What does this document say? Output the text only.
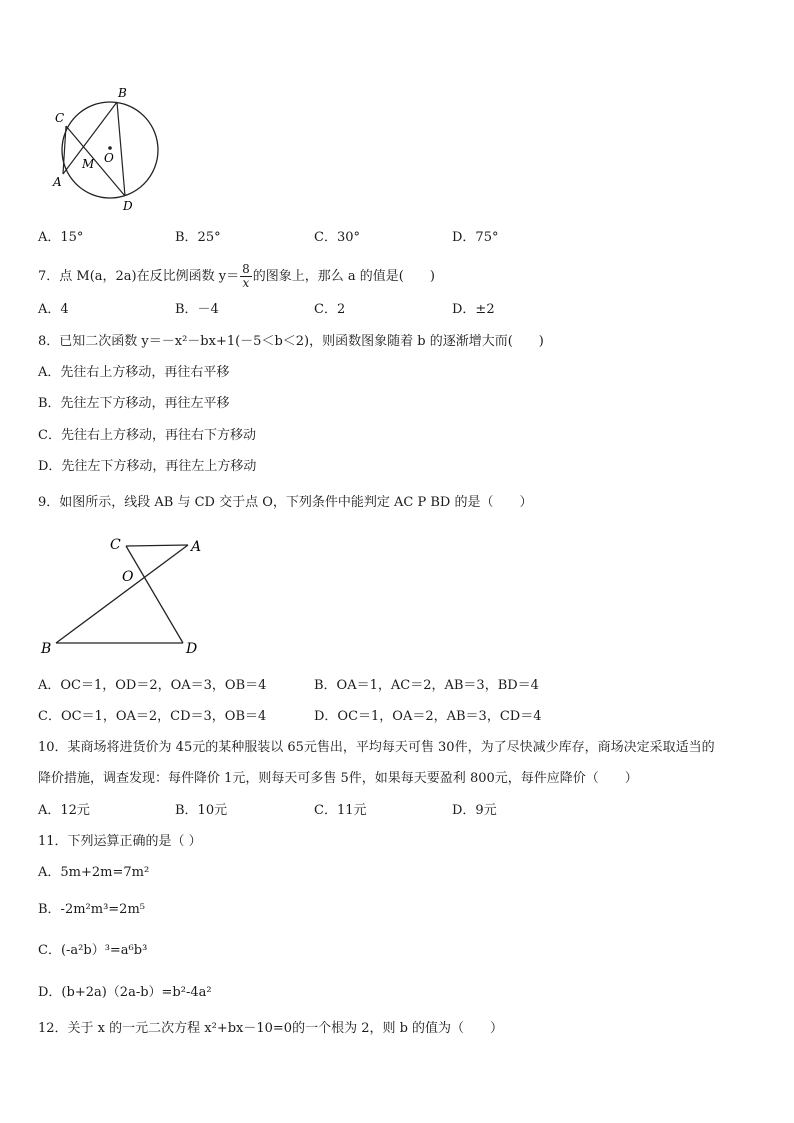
B
C
M O
A
D
A．15°	B．25°	C．30°	D．75°
7．点 M(a，2a)在反比例函数 $y= \frac{8}{x}$ 的图象上，那么 a 的值是(　　)
A．4	B．－4	C．2	D．±2
8．已知二次函数 y＝－x²－bx+1(－5＜b＜2)，则函数图象随着 b 的逐渐增大而(　　)
A．先往右上方移动，再往右平移
B．先往左下方移动，再往左平移
C．先往右上方移动，再往右下方移动
D．先往左下方移动，再往左上方移动
9．如图所示，线段 AB 与 CD 交于点 O，下列条件中能判定 AC P BD 的是（　　）
C	A
O
B	D
A．OC＝1，OD＝2，OA＝3，OB＝4	B．OA＝1，AC＝2，AB＝3，BD＝4
C．OC＝1，OA＝2，CD＝3，OB＝4	D．OC＝1，OA＝2，AB＝3，CD＝4
10．某商场将进货价为 45元的某种服装以 65元售出，平均每天可售 30件，为了尽快减少库存，商场决定采取适当的
降价措施，调查发现：每件降价 1元，则每天可多售 5件，如果每天要盈利 800元，每件应降价（　　）
A．12元	B．10元	C．11元	D．9元
11．下列运算正确的是（ ）
A．5m+2m=7m²
B．-2m²m³=2m⁵
C．(-a²b）³=a⁶b³
D．(b+2a)（2a-b）=b²-4a²
12．关于 x 的一元二次方程 x²+bx－10=0的一个根为 2，则 b 的值为（　　）
